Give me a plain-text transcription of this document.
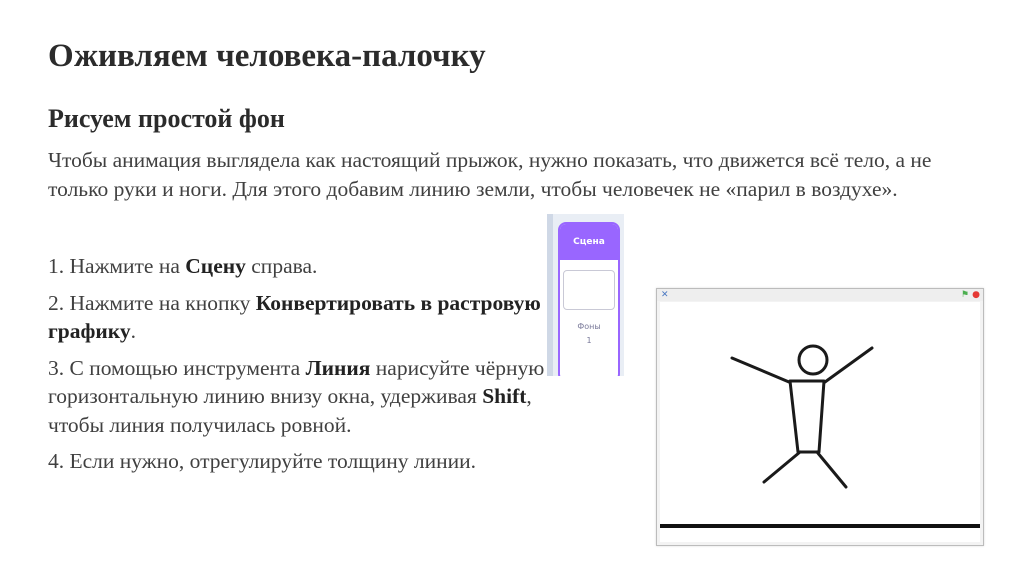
Оживляем человека-палочку
Рисуем простой фон
Чтобы анимация выглядела как настоящий прыжок, нужно показать, что движется всё тело, а не только руки и ноги. Для этого добавим линию земли, чтобы человечек не «парил в воздухе».
1. Нажмите на Сцену справа.
2. Нажмите на кнопку Конвертировать в растровую графику.
3. С помощью инструмента Линия нарисуйте чёрную горизонтальную линию внизу окна, удерживая Shift, чтобы линия получилась ровной.
4. Если нужно, отрегулируйте толщину линии.
Сцена
Фоны
1
✕	⚑ ●
